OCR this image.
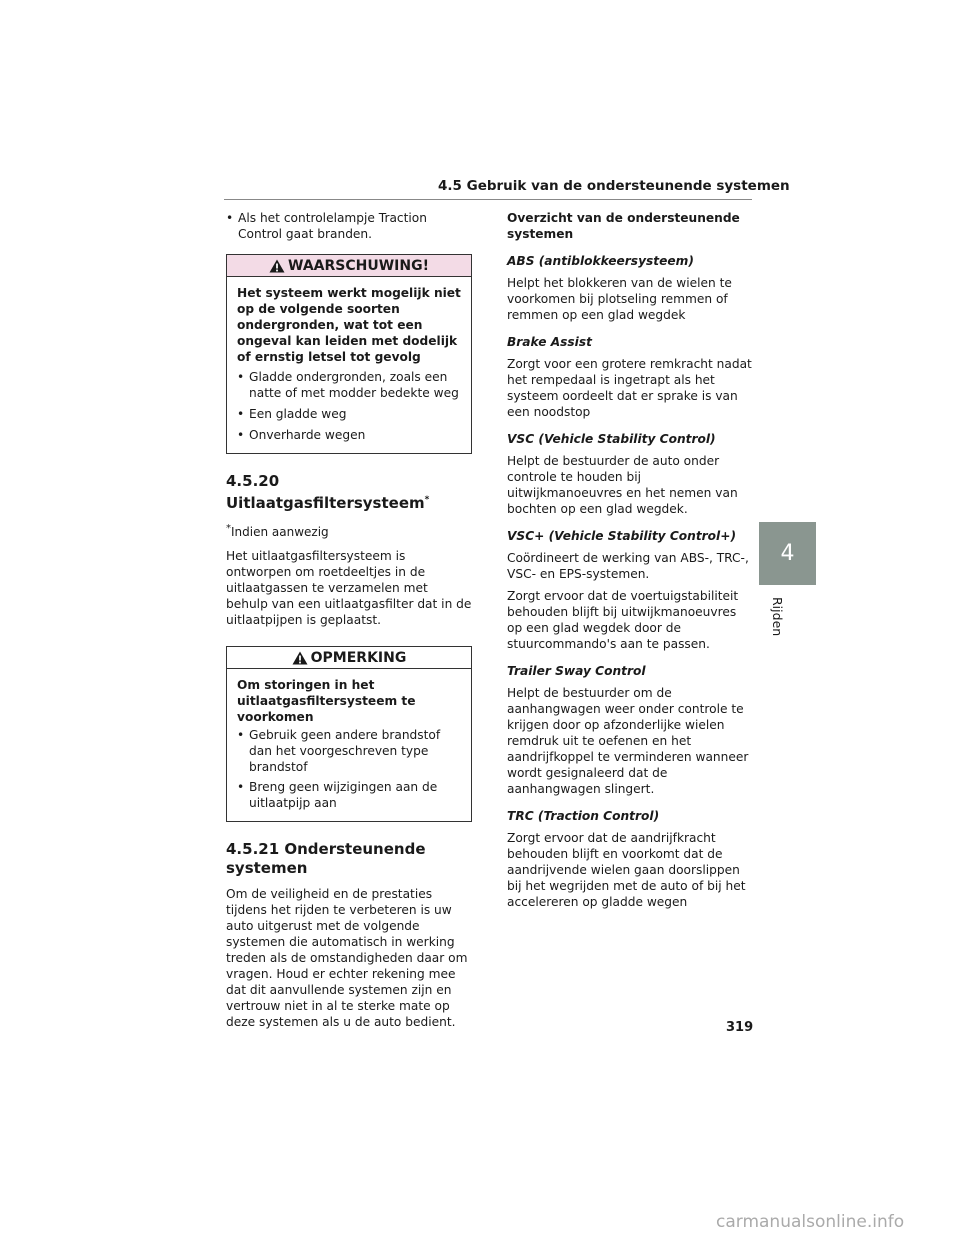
4.5 Gebruik van de ondersteunende systemen
• Als het controlelampje Traction Control gaat branden.
WAARSCHUWING!

Het systeem werkt mogelijk niet op de volgende soorten ondergronden, wat tot een ongeval kan leiden met dodelijk of ernstig letsel tot gevolg

• Gladde ondergronden, zoals een natte of met modder bedekte weg
• Een gladde weg
• Onverharde wegen
4.5.20 Uitlaatgasfiltersysteem*
*Indien aanwezig

Het uitlaatgasfiltersysteem is ontworpen om roetdeeltjes in de uitlaatgassen te verzamelen met behulp van een uitlaatgasfilter dat in de uitlaatpijpen is geplaatst.

OPMERKING

Om storingen in het uitlaatgasfiltersysteem te voorkomen

• Gebruik geen andere brandstof dan het voorgeschreven type brandstof
• Breng geen wijzigingen aan de uitlaatpijp aan
4.5.21 Ondersteunende systemen

Om de veiligheid en de prestaties tijdens het rijden te verbeteren is uw auto uitgerust met de volgende systemen die automatisch in werking treden als de omstandigheden daar om vragen. Houd er echter rekening mee dat dit aanvullende systemen zijn en vertrouw niet in al te sterke mate op deze systemen als u de auto bedient.

Overzicht van de ondersteunende systemen

ABS (antiblokkeersysteem)

Helpt het blokkeren van de wielen te voorkomen bij plotseling remmen of remmen op een glad wegdek

Brake Assist

Zorgt voor een grotere remkracht nadat het rempedaal is ingetrapt als het systeem oordeelt dat er sprake is van een noodstop

VSC (Vehicle Stability Control)

Helpt de bestuurder de auto onder controle te houden bij uitwijkmanoeuvres en het nemen van bochten op een glad wegdek.

VSC+ (Vehicle Stability Control+)

Coördineert de werking van ABS-, TRC-, VSC- en EPS-systemen.

Zorgt ervoor dat de voertuigstabiliteit behouden blijft bij uitwijkmanoeuvres op een glad wegdek door de stuurcommando's aan te passen.

Trailer Sway Control

Helpt de bestuurder om de aanhangwagen weer onder controle te krijgen door op afzonderlijke wielen remdruk uit te oefenen en het aandrijfkoppel te verminderen wanneer wordt gesignaleerd dat de aanhangwagen slingert.

TRC (Traction Control)

Zorgt ervoor dat de aandrijfkracht behouden blijft en voorkomt dat de aandrijvende wielen gaan doorslippen bij het wegrijden met de auto of bij het accelereren op gladde wegen

4
Rijden
319
carmanualsonline.info
